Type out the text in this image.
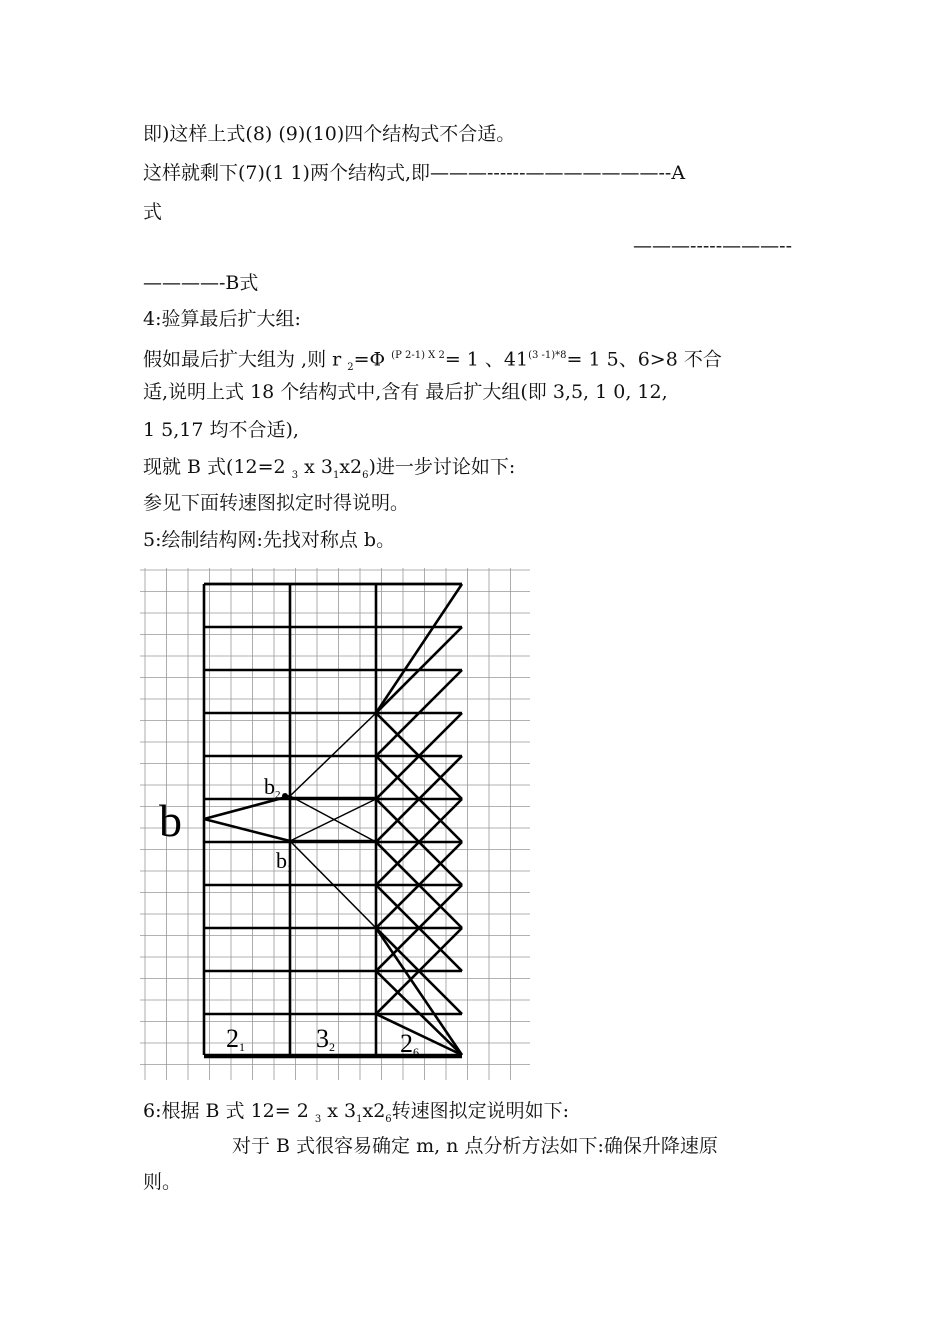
即)这样上式(8) (9)(10)四个结构式不合适。
这样就剩下(7)(1 1)两个结构式,即———------———————--A
式
———-----———--
————-B式
4:验算最后扩大组:
假如最后扩大组为 ,则 r $_2$=Φ $^{(P 2-1) X 2}$= 1 、$41^{(3 -1)*8}= 1$ 5、6>8 不合
适,说明上式 18 个结构式中,含有 最后扩大组(即 3,5, 1 0, 12,
1 5,17 均不合适),
现就 B 式(12=2 $_3$ x $3_1x2_6$)进一步讨论如下:
参见下面转速图拟定时得说明。
5:绘制结构网:先找对称点 b。
b
b2
b1
21	32	26
6:根据 B 式 12= 2 $_3$ x $3_1x2_6$转速图拟定说明如下:
对于 B 式很容易确定 m, n 点分析方法如下:确保升降速原
则。
